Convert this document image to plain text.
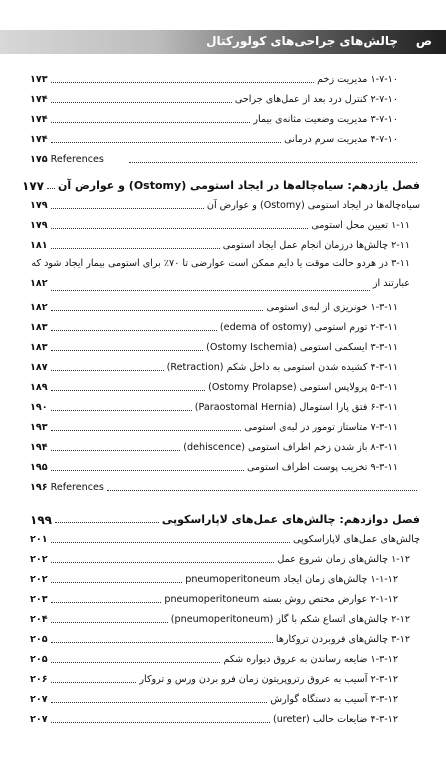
ص
چالش‌های جراحی‌های کولورکتال
۱-۷-۱۰ مدیریت زخم
۱۷۳
۲-۷-۱۰ کنترل درد بعد از عمل‌های جراحی
۱۷۴
۳-۷-۱۰ مدیریت وضعیت مثانه‌ی بیمار
۱۷۴
۴-۷-۱۰ مدیریت سرم درمانی
۱۷۴
References
۱۷۵
فصل یازدهم: سیاه‌چاله‌ها در ایجاد استومی (Ostomy) و عوارض آن
۱۷۷
سیاه‌چاله‌ها در ایجاد استومی (Ostomy) و عوارض آن
۱۷۹
۱-۱۱ تعیین محل استومی
۱۷۹
۲-۱۱ چالش‌ها درزمان انجام عمل ایجاد استومی
۱۸۱
۳-۱۱ در هردو حالت موقت یا دایم ممکن است عوارضی تا ۷۰٪ برای استومی بیمار ایجاد شود که
عبارتند از
۱۸۲
۱-۳-۱۱ خونریزی از لبه‌ی استومی
۱۸۲
۲-۳-۱۱ تورم استومی (edema of ostomy)
۱۸۳
۳-۳-۱۱ ایسکمی استومی (Ostomy Ischemia)
۱۸۳
۴-۳-۱۱ کشیده شدن استومی به داخل شکم (Retraction)
۱۸۷
۵-۳-۱۱ پرولاپس استومی (Ostomy Prolapse)
۱۸۹
۶-۳-۱۱ فتق پارا استومال (Paraostomal Hernia)
۱۹۰
۷-۳-۱۱ متاستاز تومور در لبه‌ی استومی
۱۹۳
۸-۳-۱۱ باز شدن زخم اطراف استومی (dehiscence)
۱۹۴
۹-۳-۱۱ تخریب پوست اطراف استومی
۱۹۵
References
۱۹۶
فصل دوازدهم: چالش‌های عمل‌های لاپاراسکوپی
۱۹۹
چالش‌های عمل‌های لاپاراسکوپی
۲۰۱
۱-۱۲ چالش‌های زمان شروع عمل
۲۰۲
۱-۱-۱۲ چالش‌های زمان ایجاد pneumoperitoneum
۲۰۲
۲-۱-۱۲ عوارض مختص روش بسته pneumoperitoneum
۲۰۳
۲-۱۲ چالش‌های اتساع شکم با گاز (pneumoperitoneum)
۲۰۴
۳-۱۲ چالش‌های فروبردن تروکارها
۲۰۵
۱-۳-۱۲ ضایعه رساندن به عروق دیواره شکم
۲۰۵
۲-۳-۱۲ آسیب به عروق رتروپریتون زمان فرو بردن ورس و تروکار
۲۰۶
۳-۳-۱۲ آسیب به دستگاه گوارش
۲۰۷
۴-۳-۱۲ ضایعات حالب (ureter)
۲۰۷
